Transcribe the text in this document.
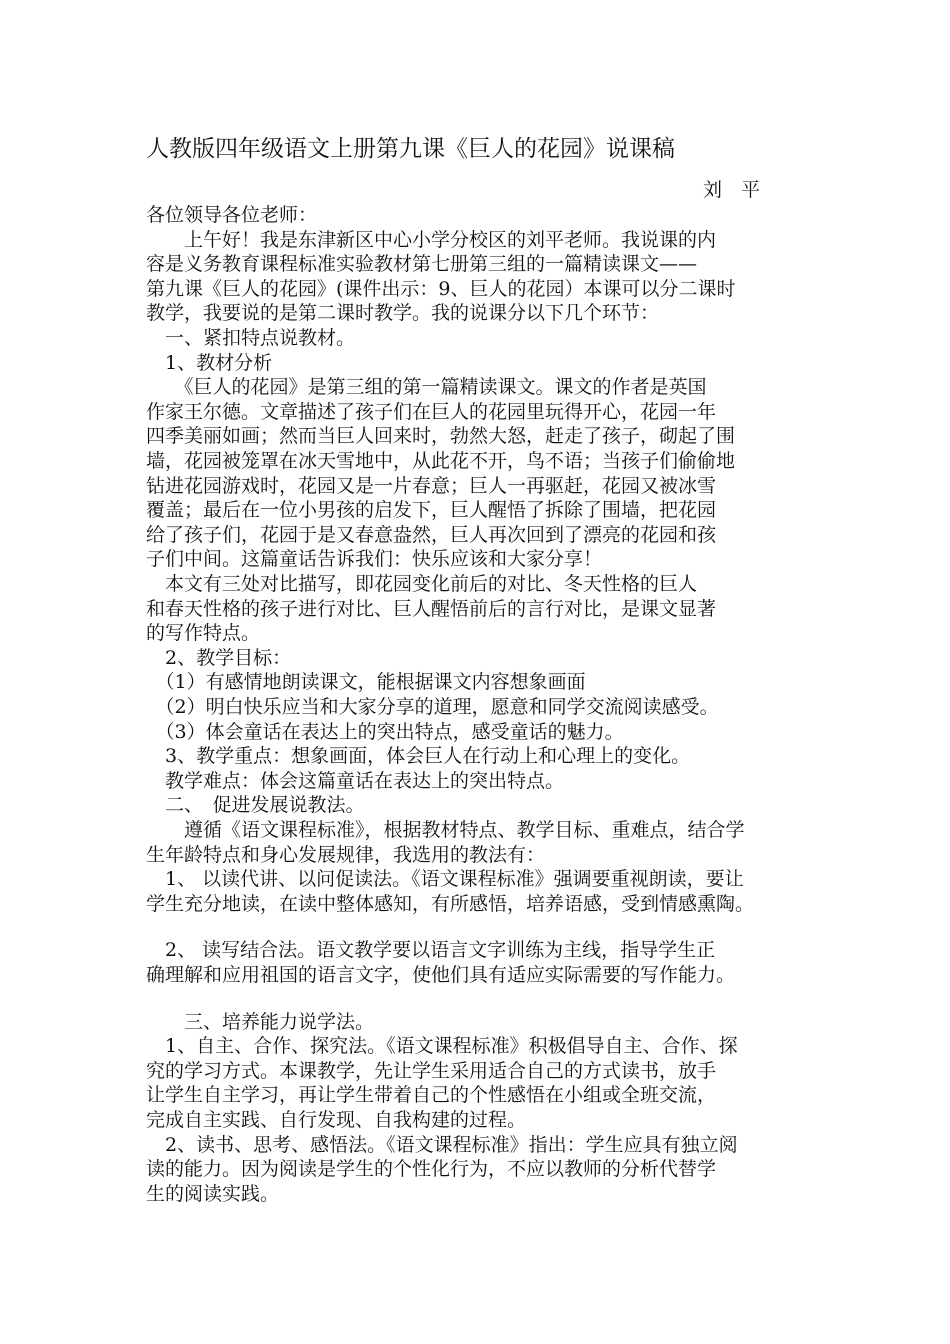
人教版四年级语文上册第九课《巨人的花园》说课稿
刘　平
各位领导各位老师：
　　上午好！我是东津新区中心小学分校区的刘平老师。我说课的内
容是义务教育课程标准实验教材第七册第三组的一篇精读课文——
第九课《巨人的花园》(课件出示：9、巨人的花园）本课可以分二课时
教学，我要说的是第二课时教学。我的说课分以下几个环节：
　一、紧扣特点说教材。
　1、教材分析
　　《巨人的花园》是第三组的第一篇精读课文。课文的作者是英国
作家王尔德。文章描述了孩子们在巨人的花园里玩得开心，花园一年
四季美丽如画；然而当巨人回来时，勃然大怒，赶走了孩子，砌起了围
墙，花园被笼罩在冰天雪地中，从此花不开，鸟不语；当孩子们偷偷地
钻进花园游戏时，花园又是一片春意；巨人一再驱赶，花园又被冰雪
覆盖；最后在一位小男孩的启发下，巨人醒悟了拆除了围墙，把花园
给了孩子们，花园于是又春意盎然，巨人再次回到了漂亮的花园和孩
子们中间。这篇童话告诉我们：快乐应该和大家分享！
　本文有三处对比描写，即花园变化前后的对比、冬天性格的巨人
和春天性格的孩子进行对比、巨人醒悟前后的言行对比，是课文显著
的写作特点。
　2、教学目标：
　（1）有感情地朗读课文，能根据课文内容想象画面
　（2）明白快乐应当和大家分享的道理，愿意和同学交流阅读感受。
　（3）体会童话在表达上的突出特点，感受童话的魅力。
　3、教学重点：想象画面，体会巨人在行动上和心理上的变化。
　教学难点：体会这篇童话在表达上的突出特点。
　二、　促进发展说教法。
　　遵循《语文课程标准》，根据教材特点、教学目标、重难点，结合学
生年龄特点和身心发展规律，我选用的教法有：
　1、 以读代讲、以问促读法。《语文课程标准》强调要重视朗读，要让
学生充分地读，在读中整体感知，有所感悟，培养语感，受到情感熏陶。
　2、 读写结合法。语文教学要以语言文字训练为主线，指导学生正
确理解和应用祖国的语言文字，使他们具有适应实际需要的写作能力。
　　三、培养能力说学法。
　1、自主、合作、探究法。《语文课程标准》积极倡导自主、合作、探
究的学习方式。本课教学，先让学生采用适合自己的方式读书，放手
让学生自主学习，再让学生带着自己的个性感悟在小组或全班交流，
完成自主实践、自行发现、自我构建的过程。
　2、读书、思考、感悟法。《语文课程标准》指出：学生应具有独立阅
读的能力。因为阅读是学生的个性化行为，不应以教师的分析代替学
生的阅读实践。
